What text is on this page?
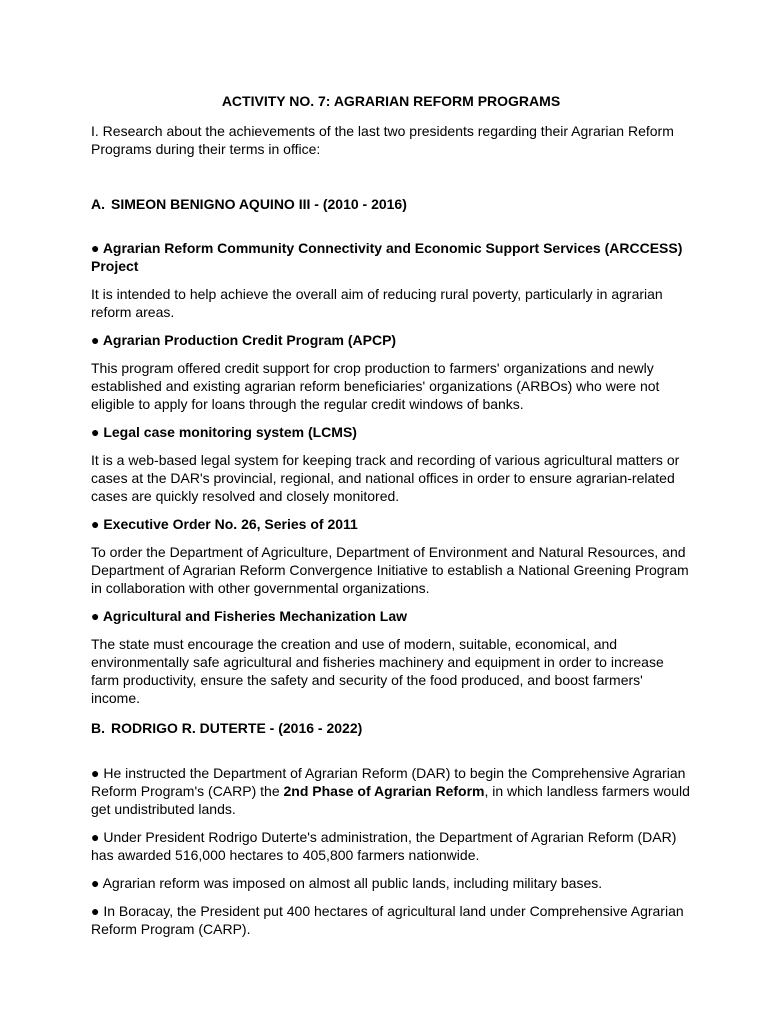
ACTIVITY NO. 7: AGRARIAN REFORM PROGRAMS

I. Research about the achievements of the last two presidents regarding their Agrarian Reform Programs during their terms in office:

A. SIMEON BENIGNO AQUINO III - (2010 - 2016)

● Agrarian Reform Community Connectivity and Economic Support Services (ARCCESS) Project

It is intended to help achieve the overall aim of reducing rural poverty, particularly in agrarian reform areas.

● Agrarian Production Credit Program (APCP)

This program offered credit support for crop production to farmers' organizations and newly established and existing agrarian reform beneficiaries' organizations (ARBOs) who were not eligible to apply for loans through the regular credit windows of banks.

● Legal case monitoring system (LCMS)

It is a web-based legal system for keeping track and recording of various agricultural matters or cases at the DAR's provincial, regional, and national offices in order to ensure agrarian-related cases are quickly resolved and closely monitored.

● Executive Order No. 26, Series of 2011

To order the Department of Agriculture, Department of Environment and Natural Resources, and Department of Agrarian Reform Convergence Initiative to establish a National Greening Program in collaboration with other governmental organizations.

● Agricultural and Fisheries Mechanization Law

The state must encourage the creation and use of modern, suitable, economical, and environmentally safe agricultural and fisheries machinery and equipment in order to increase farm productivity, ensure the safety and security of the food produced, and boost farmers' income.

B. RODRIGO R. DUTERTE - (2016 - 2022)

● He instructed the Department of Agrarian Reform (DAR) to begin the Comprehensive Agrarian Reform Program's (CARP) the 2nd Phase of Agrarian Reform, in which landless farmers would get undistributed lands.

● Under President Rodrigo Duterte's administration, the Department of Agrarian Reform (DAR) has awarded 516,000 hectares to 405,800 farmers nationwide.

● Agrarian reform was imposed on almost all public lands, including military bases.

● In Boracay, the President put 400 hectares of agricultural land under Comprehensive Agrarian Reform Program (CARP).
